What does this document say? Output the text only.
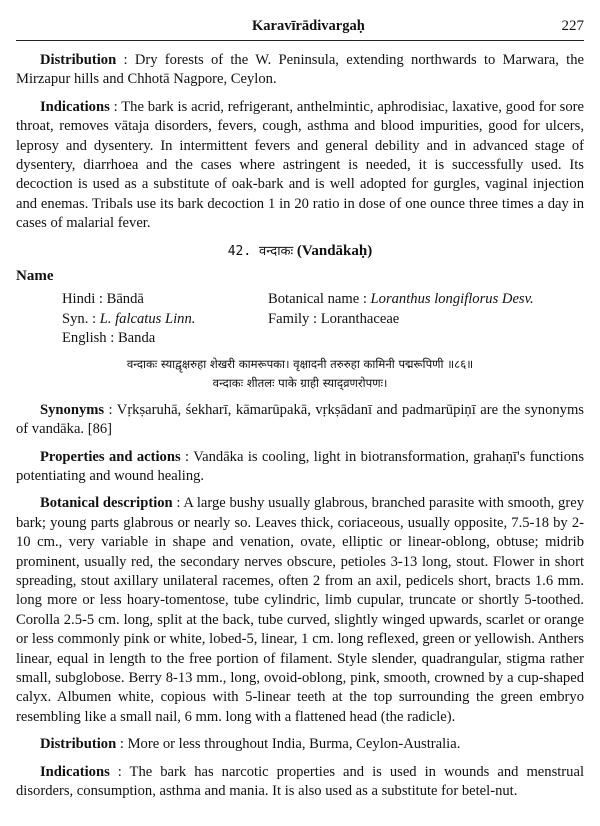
Karavīrādivargaḥ	227

Distribution : Dry forests of the W. Peninsula, extending northwards to Marwara, the Mirzapur hills and Chhotā Nagpore, Ceylon.

Indications : The bark is acrid, refrigerant, anthelmintic, aphrodisiac, laxative, good for sore throat, removes vātaja disorders, fevers, cough, asthma and blood impurities, good for ulcers, leprosy and dysentery. In intermittent fevers and general debility and in advanced stage of dysentery, diarrhoea and the cases where astringent is needed, it is successfully used. Its decoction is used as a substitute of oak-bark and is well adopted for gurgles, vaginal injection and enemas. Tribals use its bark decoction 1 in 20 ratio in dose of one ounce three times a day in cases of malarial fever.

42. वन्दाकः (Vandākaḥ)
Name
Hindi : Bāndā	Botanical name : Loranthus longiflorus Desv.
Syn. : L. falcatus Linn.	Family : Loranthaceae
English : Banda
वन्दाकः स्याद्वृक्षरुहा शेखरी कामरूपका। वृक्षादनी तरुरुहा कामिनी पद्मरूपिणी ॥८६॥
वन्दाकः शीतलः पाके ग्राही स्याद्व्रणरोपणः।

Synonyms : Vṛkṣaruhā, śekharī, kāmarūpakā, vṛkṣādanī and padmarūpiṇī are the synonyms of vandāka. [86]

Properties and actions : Vandāka is cooling, light in biotransformation, grahaṇī's functions potentiating and wound healing.

Botanical description : A large bushy usually glabrous, branched parasite with smooth, grey bark; young parts glabrous or nearly so. Leaves thick, coriaceous, usually opposite, 7.5-18 by 2-10 cm., very variable in shape and venation, ovate, elliptic or linear-oblong, obtuse; midrib prominent, usually red, the secondary nerves obscure, petioles 3-13 long, stout. Flower in short spreading, stout axillary unilateral racemes, often 2 from an axil, pedicels short, bracts 1.6 mm. long more or less hoary-tomentose, tube cylindric, limb cupular, truncate or shortly 5-toothed. Corolla 2.5-5 cm. long, split at the back, tube curved, slightly winged upwards, scarlet or orange or less commonly pink or white, lobed-5, linear, 1 cm. long reflexed, green or yellowish. Anthers linear, equal in length to the free portion of filament. Style slender, quadrangular, stigma rather small, subglobose. Berry 8-13 mm., long, ovoid-oblong, pink, smooth, crowned by a cup-shaped calyx. Albumen white, copious with 5-linear teeth at the top surrounding the green embryo resembling like a small nail, 6 mm. long with a flattened head (the radicle).

Distribution : More or less throughout India, Burma, Ceylon-Australia.

Indications : The bark has narcotic properties and is used in wounds and menstrual disorders, consumption, asthma and mania. It is also used as a substitute for betel-nut.
